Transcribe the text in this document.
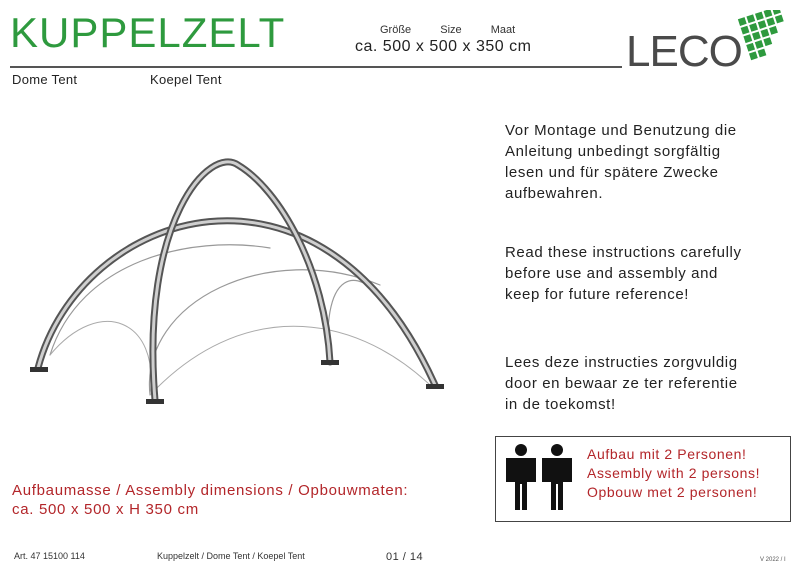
KUPPELZELT	Größe	Size	Maat
ca. 500 x 500 x 350 cm
Dome Tent	Koepel Tent
LECO
Vor Montage und Benutzung die
Anleitung unbedingt sorgfältig
lesen und für spätere Zwecke
aufbewahren.
Read these instructions carefully
before use and assembly and
keep for future reference!
Lees deze instructies zorgvuldig
door en bewaar ze ter referentie
in de toekomst!
Aufbau mit 2 Personen!
Assembly with 2 persons!
Opbouw met 2 personen!
Aufbaumasse / Assembly dimensions / Opbouwmaten:
ca. 500 x 500 x H 350 cm
Art. 47 15100 114	Kuppelzelt / Dome Tent / Koepel Tent	01 / 14	V 2022 / I
